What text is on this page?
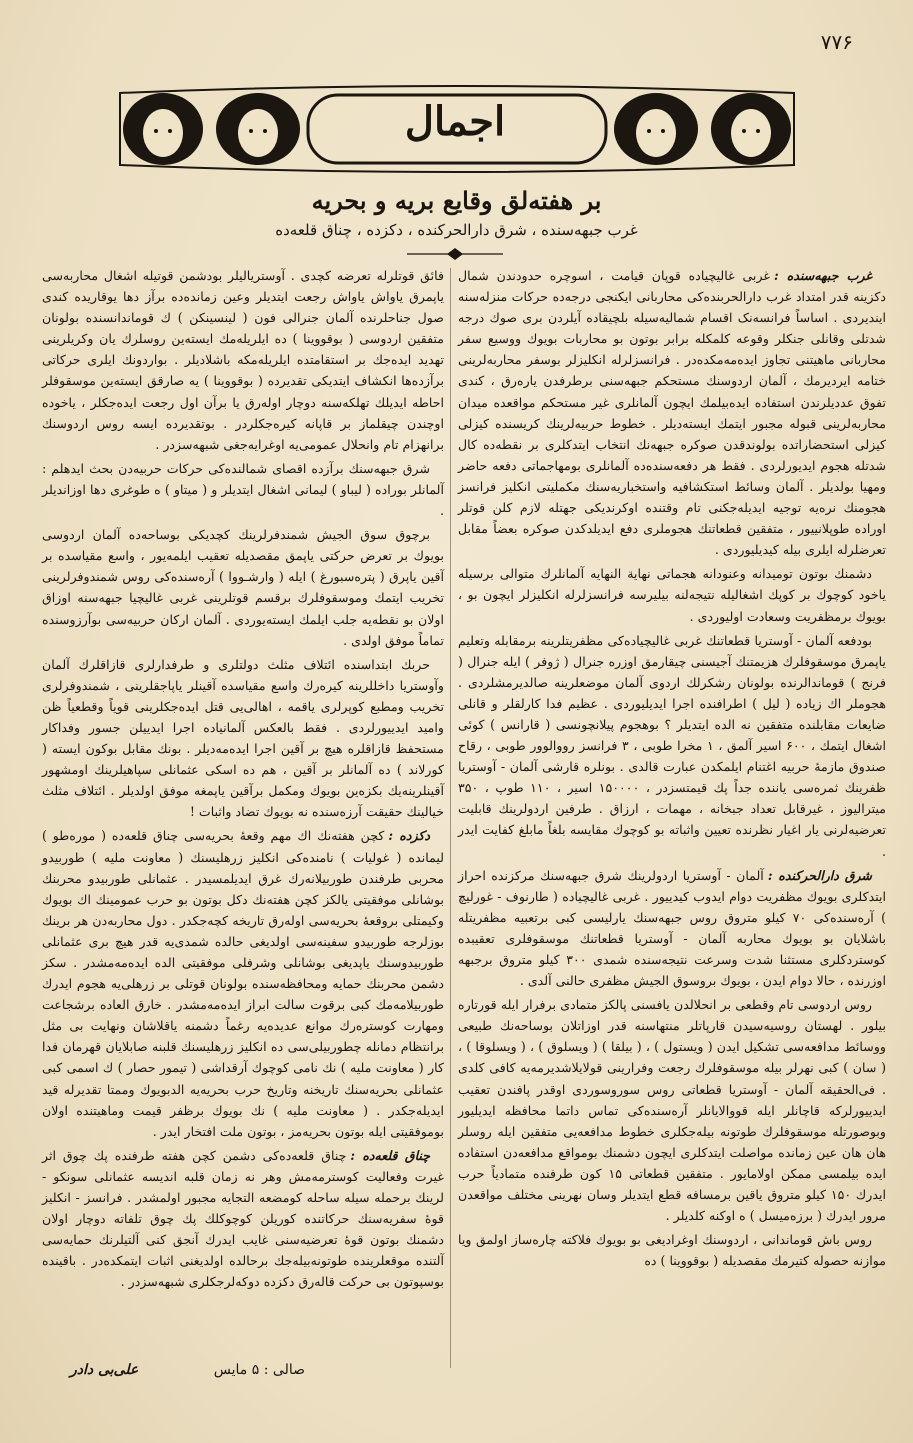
۷۷۶
اجمال
بر هفته‌لق وقایع بریه و بحریه
غرب جبهه‌سنده ، شرق دارالحرکنده ، دکزده ، چناق قلعه‌ده

غرب جبهه‌سنده :غربی غالیچیاده قوپان قیامت ، اسوچره حدودندن شمال دکزینه قدر امتداد غرب دارالحربنده‌کی محاربانی ایکنجی درجه‌ده حرکات منزله‌سنه ایندیردی . اساساً فرانسه‌نک اقسام شمالیه‌سیله بلچیقاده آیلردن بری صوك درجه شدتلی وقانلی جنکلر وقوعه کلمکله برابر بوتون بو محاربات بویوك ووسیع سفر محاربانی ماهیتنی تجاوز ایده‌مه‌مکده‌در . فرانسزلرله انکلیزلر بوسفر محاربه‌لرینی ختامه ایردیرمك ، آلمان اردوسنك مستحکم جبهه‌سنی برطرفدن یاره‌رق ، کندی تفوق عددیلرندن استفاده ایده‌بیلمك ایچون آلمانلری غیر مستحکم مواقعده میدان محاربه‌لرینی قبوله مجبور ایتمك ایسته‌دیلر . خطوط حربیه‌لرینك کریسنده کیزلی کیزلی استحضاراتده بولوندقدن صوکره جبهه‌نك انتخاب ایتدکلری بر نقطه‌ده کال شدتله هجوم ایدیورلردی . فقط هر دفعه‌سنده‌ده آلمانلری بومهاجماتی دفعه حاضر ومهیا بولدیلر . آلمان وسائط استکشافیه واستخباریه‌سنك مکملیتی انکلیز فرانسز هجومنك نره‌یه توجیه ایدیله‌جکنی تام وقتنده اوکرندیکی جهتله لازم کلن قوتلر اوراده طوپلانییور ، متفقین قطعاتنك هجوملری دفع ایدیلدکدن صوکره بعضاً مقابل تعرضلرله ایلری بیله کیدیلیوردی .

دشمنك بوتون تومیدانه وعنودانه هجماتی نهایة النهایه آلمانلرك متوالی برسیله یاخود کوچوك بر کوپك اشغالیله نتیجه‌لنه بیلیرسه فرانسزلرله انکلیزلر ایچون بو ، بویوك برمظفریت وسعادت اولیوردی .

بودفعه آلمان - آوستریا قطعاتنك غربی غالیچیاده‌کی مظفریتلرینه برمقابله وتعلیم یاپمرق موسقوفلرك هزیمتنك آجیسنی چیقارمق اوزره جنرال ( ژوفر ) ایله جنرال ( فرنج ) قوماندالرنده بولونان رشکرلك اردوی آلمان موضعلرینه صالدیرمشلردی . هجوملر اك زیاده ( لیل ) اطرافنده اجرا ایدیلیوردی . عظیم فدا کارلقلر و قانلی ضایعات مقابلنده متفقین نه الده ایتدیلر ؟ بوهجوم پیلانچونسی ( قارانس ) کوئی اشغال ایتمك ، ۶۰۰ اسیر آلمق ، ۱ مخرا طوبی ، ۳ فرانسز رووالوور طوبی ، رقاح صندوق مازمهٔ حربیه اغتنام ایلمکدن عبارت قالدی . بونلره قارشی آلمان - آوستریا ظفرینك ثمره‌سی یاننده جداً پك قیمتسزدر ، ۱۵۰۰۰۰ اسیر ، ۱۱۰ طوپ ، ۳۵۰ میترالیوز ، غیرقابل تعداد جبخانه ، مهمات ، ارزاق . طرفین اردولرینك قابلیت تعرضیه‌لرنی یار اغیار نظرنده تعیین واثباته بو کوچوك مقایسه بلغاً مابلغ کفایت ایدر .

شرق دارالحرکنده :آلمان - آوستریا اردولرینك شرق جبهه‌سنك مرکزنده احراز ایتدکلری بویوك مظفریت دوام ایدوب کیدییور . غربی غالیچیاده ( طارنوف - غورلیچ ) آره‌سنده‌کی ۷۰ کیلو متروق روس جبهه‌سنك یارلیسی کبی برتعبیه مظفریتله باشلایان بو بویوك محاربه آلمان - آوستریا قطعاتنك موسقوفلری تعقیبده کوستردکلری مستثنا شدت وسرعت نتیجه‌سنده شمدی ۳۰۰ کیلو متروق برجبهه اوزرنده ، حالا دوام ایدن ، بویوك بروسوق الجیش مظفری حالنی آلدی .

روس اردوسی تام وقطعی بر انحلالدن یافسنی پالکز متمادی برفرار ایله قورتاره بیلور . لهستان روسیه‌سیدن قارپاتلر منتهاسنه قدر اوزاتلان بوساحه‌نك طبیعی ووسائط مدافعه‌سی تشکیل ایدن ( ویستول ) ، ( بیلقا ) ( ویسلوق ) ، ( ویسلوقا ) ، ( سان ) کبی نهرلر بیله موسقوفلرك رجعت وفرارینی قولایلاشدیرمه‌یه کافی کلدی . فی‌الحقیقه آلمان - آوستریا قطعاتی روس سوروسوردی اوقدر پافندن تعقیب ایدییورلرکه قاچانلر ایله قووالایانلر آره‌سنده‌کی تماس داتما محافظه ایدیلیور وبوصورتله موسقوفلرك طوتونه بیله‌جکلری خطوط مدافعه‌یی متفقین ایله روسلر هان هان عین زمانده مواصلت ایتدکلری ایچون دشمنك بومواقع مدافعه‌دن استفاده ایده بیلمسی ممکن اولامایور . متفقین قطعاتی ۱۵ کون طرفنده متمادیاً حرب ایدرك ۱۵۰ کیلو متروق یاقین برمسافه قطع ایتدیلر وسان نهرینی مختلف مواقعدن مرور ایدرك ( برزه‌میسل ) ه اوکنه کلدیلر .

روس باش قوماندانی ، اردوسنك اوغرادیغی بو بویوك فلاکته چاره‌ساز اولمق ویا موازنه حصوله کتیرمك مقصدیله ( بوقووینا ) ده

فائق قوتلرله تعرضه کچدی . آوستریالیلر بودشمن قوتیله اشغال محاربه‌سی یاپمرق یاواش یاواش رجعت ایتدیلر وعین زمانده‌ده برآز دها یوقاریده کندی صول جناحلرنده آلمان جنرالی فون ( لینسینکن ) ك قوماندانسنده بولونان متفقین اردوسی ( بوقووینا ) ده ایلریله‌مك ایسته‌ین روسلرك یان وکریلرینی تهدید ایده‌جك بر استقامتده ایلریله‌مکه باشلادیلر . بواردونك ایلری حرکاتی برآزده‌ها انکشاف ایتدیکی تقدیرده ( بوقووینا ) یه صارقق ایسته‌ین موسقوفلر احاطه ایدیلك تهلکه‌سنه دوچار اوله‌رق یا برآن اول رجعت ایده‌جکلر ، یاخوده اوچندن چیقلماز بر قاپانه کیره‌جکلردر . بوتقدیرده ایسه روس اردوسنك برانهزام تام وانحلال عمومی‌یه اوغرایه‌جغی شبهه‌سزدر .

شرق جبهه‌سنك برآزده اقصای شمالنده‌کی حرکات حربیه‌دن بحث ایدهلم : آلمانلر بوراده ( لیباو ) لیمانی اشغال ایتدیلر و ( میتاو ) ه طوغری دها اوزاندیلر .

برچوق سوق الجیش شمندفرلرینك کچدیکی بوساحه‌ده آلمان اردوسی بویوك بر تعرض حرکتی یاپمق مقصدیله تعقیب ایلمه‌یور ، واسع مقیاسده بر آقین یاپرق ( پتره‌سبورغ ) ایله ( وارشـووا ) آره‌سنده‌کی روس شمندوفرلرینی تخریب ایتمك وموسقوفلرك برقسم قوتلرینی غربی غالیچیا جبهه‌سنه اوزاق اولان بو نقطه‌یه جلب ایلمك ایسته‌یوردی . آلمان ارکان حربیه‌سی بوآرزوسنده تماماً موفق اولدی .

حربك ابتداسنده ائتلاف مثلث دولتلری و طرفدارلری قازاقلرك آلمان وآوستریا داخللرینه کیره‌رك واسع مقیاسده آقینلر یاپاجقلرینی ، شمندوفرلری تخریب ومطبع کوپرلری یاقمه ، اهالی‌یی قتل ایده‌جکلرینی قوياً وقطعياً ظن وامید ایدییورلردی . فقط بالعکس آلمانیاده اجرا ایدییلن جسور وفداکار مستحفظ قازاقلره هیچ بر آقین اجرا ایده‌مه‌دیلر . بونك مقابل بوکون ایسته ( کورلاند ) ده آلمانلر بر آقین ، هم ده اسکی عثمانلی سپاهیلرینك اومشهور آقینلرینه‌یك بکزه‌ین بویوك ومکمل برآقین یاپمغه موفق اولدیلر . ائتلاف مثلث خیالینك حقیقت آرزه‌سنده نه بویوك تضاد واثبات !

دکزده :کچن هفته‌نك اك مهم وقعهٔ بحریه‌سی چناق قلعه‌ده ( موره‌طو ) لیمانده ( غولیات ) نامنده‌کی انکلیز زرهلیسنك ( معاونت ملیه ) طوربیدو محربی طرفندن طوربیلانه‌رك غرق ایدیلمسیدر . عثمانلی طوربیدو محربنك بوشانلی موفقیتی یالکز کچن هفته‌نك دکل بوتون بو حرب عمومینك اك بویوك وکیمتلی بروقعهٔ بحریه‌سی اوله‌رق تاریخه کچه‌جکدر . دول محاربه‌دن هر برینك بوزلرجه طوربیدو سفینه‌سی اولدیغی حالده شمدی‌یه قدر هیچ بری عثمانلی طوربیدوسنك یاپدیغی بوشانلی وشرفلی موفقیتی الده ایده‌مه‌مشدر . سکز دشمن محربنك حمایه ومحافظه‌سنده بولونان قوتلی بر زرهلی‌یه هجوم ایدرك طوربیلامه‌مك کبی برقوت سالت ابراز ایده‌مه‌مشدر . خارق العاده برشجاعت ومهارت کوستره‌رك موانع عدیده‌یه رغماً دشمنه یاقلاشان ونهایت بی مثل برانتظام دمانله چطوربیلی‌سی ده انکلیز زرهلیسنك قلبنه صابلایان قهرمان فدا کار ( معاونت ملیه ) نك نامی کوچوك آرقداشی ( تیمور حصار ) ك اسمی کبی عثمانلی بحریه‌سنك تاریخنه وتاریخ حرب بحریه‌یه الدبویوك وممتا تقدیرله قید ایدیله‌جکدر . ( معاونت ملیه ) نك بویوك برظفر قیمت وماهیتنده اولان بوموفقیتی ایله بوتون بحریه‌مز ، بوتون ملت افتخار ایدر .

چناق قلعه‌ده :چناق قلعه‌ده‌کی دشمن کچن هفته طرفنده پك چوق اثر غیرت وفعالیت کوسترمه‌مش وهر نه زمان قلبه اندیسه عثمانلی سونکو - لرینك برحمله سیله ساحله کومضعه التجایه مجبور اولمشدر . فرانسز - انکلیز قوهٔ سفریه‌سنك حرکاتنده کوریلن کوچوکلك پك چوق تلفاته دوچار اولان دشمنك بوتون قوهٔ تعرضیه‌سنی غایب ایدرك آنجق کنی آلتیلرنك حمایه‌سی آلتنده موقعلرینده طوتونه‌بیله‌جك برحالده اولدیغنی اثبات ایتمکده‌در . باقینده بوسپوتون بی حرکت قاله‌رق دکزده دوکه‌لرجکلری شبهه‌سزدر .

صالی : ۵ مایس
علی‌بی دادر
